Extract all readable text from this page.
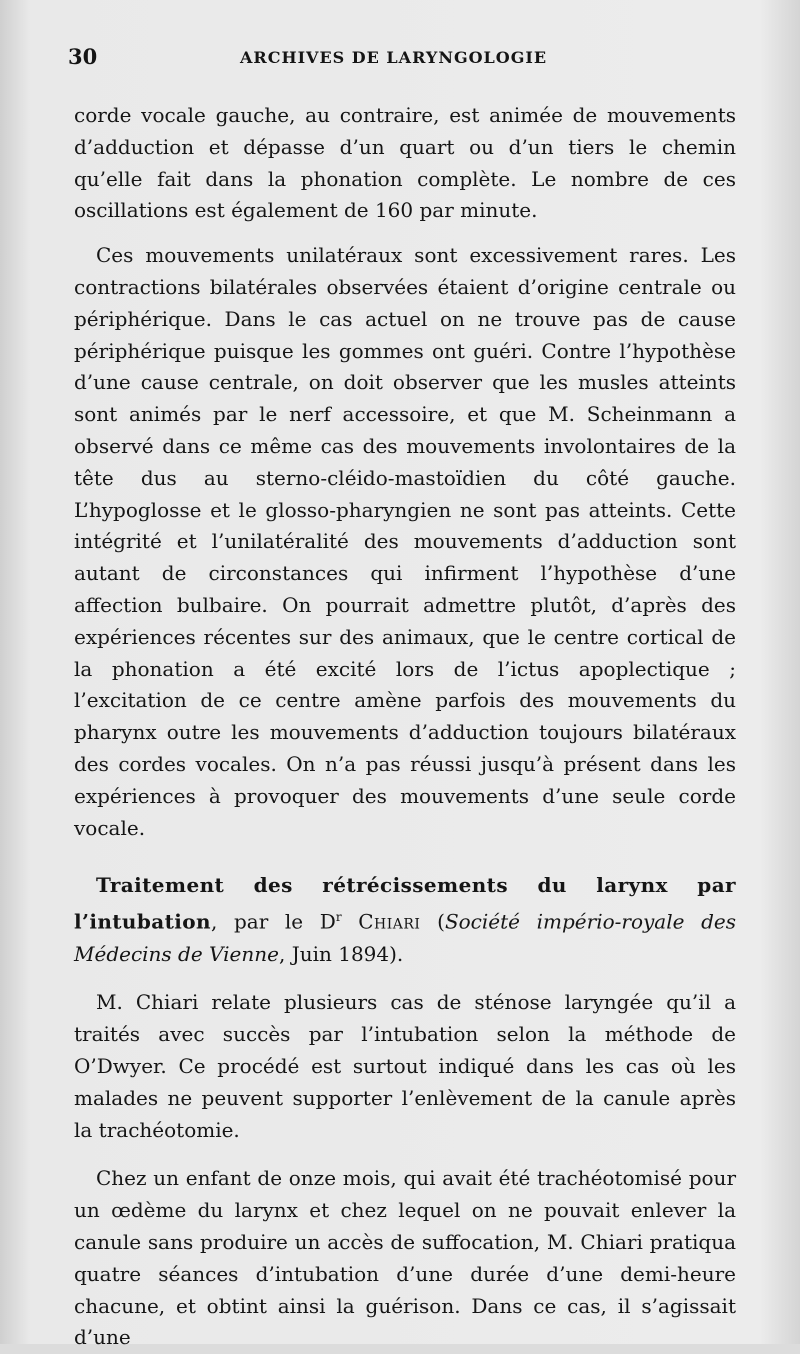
30	ARCHIVES DE LARYNGOLOGIE

corde vocale gauche, au contraire, est animée de mouvements d’adduction et dépasse d’un quart ou d’un tiers le chemin qu’elle fait dans la phonation complète. Le nombre de ces oscillations est également de 160 par minute.

Ces mouvements unilatéraux sont excessivement rares. Les contractions bilatérales observées étaient d’origine centrale ou périphérique. Dans le cas actuel on ne trouve pas de cause périphérique puisque les gommes ont guéri. Contre l’hypothèse d’une cause centrale, on doit observer que les musles atteints sont animés par le nerf accessoire, et que M. Scheinmann a observé dans ce même cas des mouvements involontaires de la tête dus au sterno-cléido-mastoïdien du côté gauche. L’hypoglosse et le glosso-pharyngien ne sont pas atteints. Cette intégrité et l’unilatéralité des mouvements d’adduction sont autant de circonstances qui infirment l’hypothèse d’une affection bulbaire. On pourrait admettre plutôt, d’après des expériences récentes sur des animaux, que le centre cortical de la phonation a été excité lors de l’ictus apoplectique ; l’excitation de ce centre amène parfois des mouvements du pharynx outre les mouvements d’adduction toujours bilatéraux des cordes vocales. On n’a pas réussi jusqu’à présent dans les expériences à provoquer des mouvements d’une seule corde vocale.

Traitement des rétrécissements du larynx par l’intubation, par le $D^r$ Chiari (Société império-royale des Médecins de Vienne, Juin 1894).

M. Chiari relate plusieurs cas de sténose laryngée qu’il a traités avec succès par l’intubation selon la méthode de O’Dwyer. Ce procédé est surtout indiqué dans les cas où les malades ne peuvent supporter l’enlèvement de la canule après la trachéotomie.

Chez un enfant de onze mois, qui avait été trachéotomisé pour un œdème du larynx et chez lequel on ne pouvait enlever la canule sans produire un accès de suffocation, M. Chiari pratiqua quatre séances d’intubation d’une durée d’une demi-heure chacune, et obtint ainsi la guérison. Dans ce cas, il s’agissait d’une
